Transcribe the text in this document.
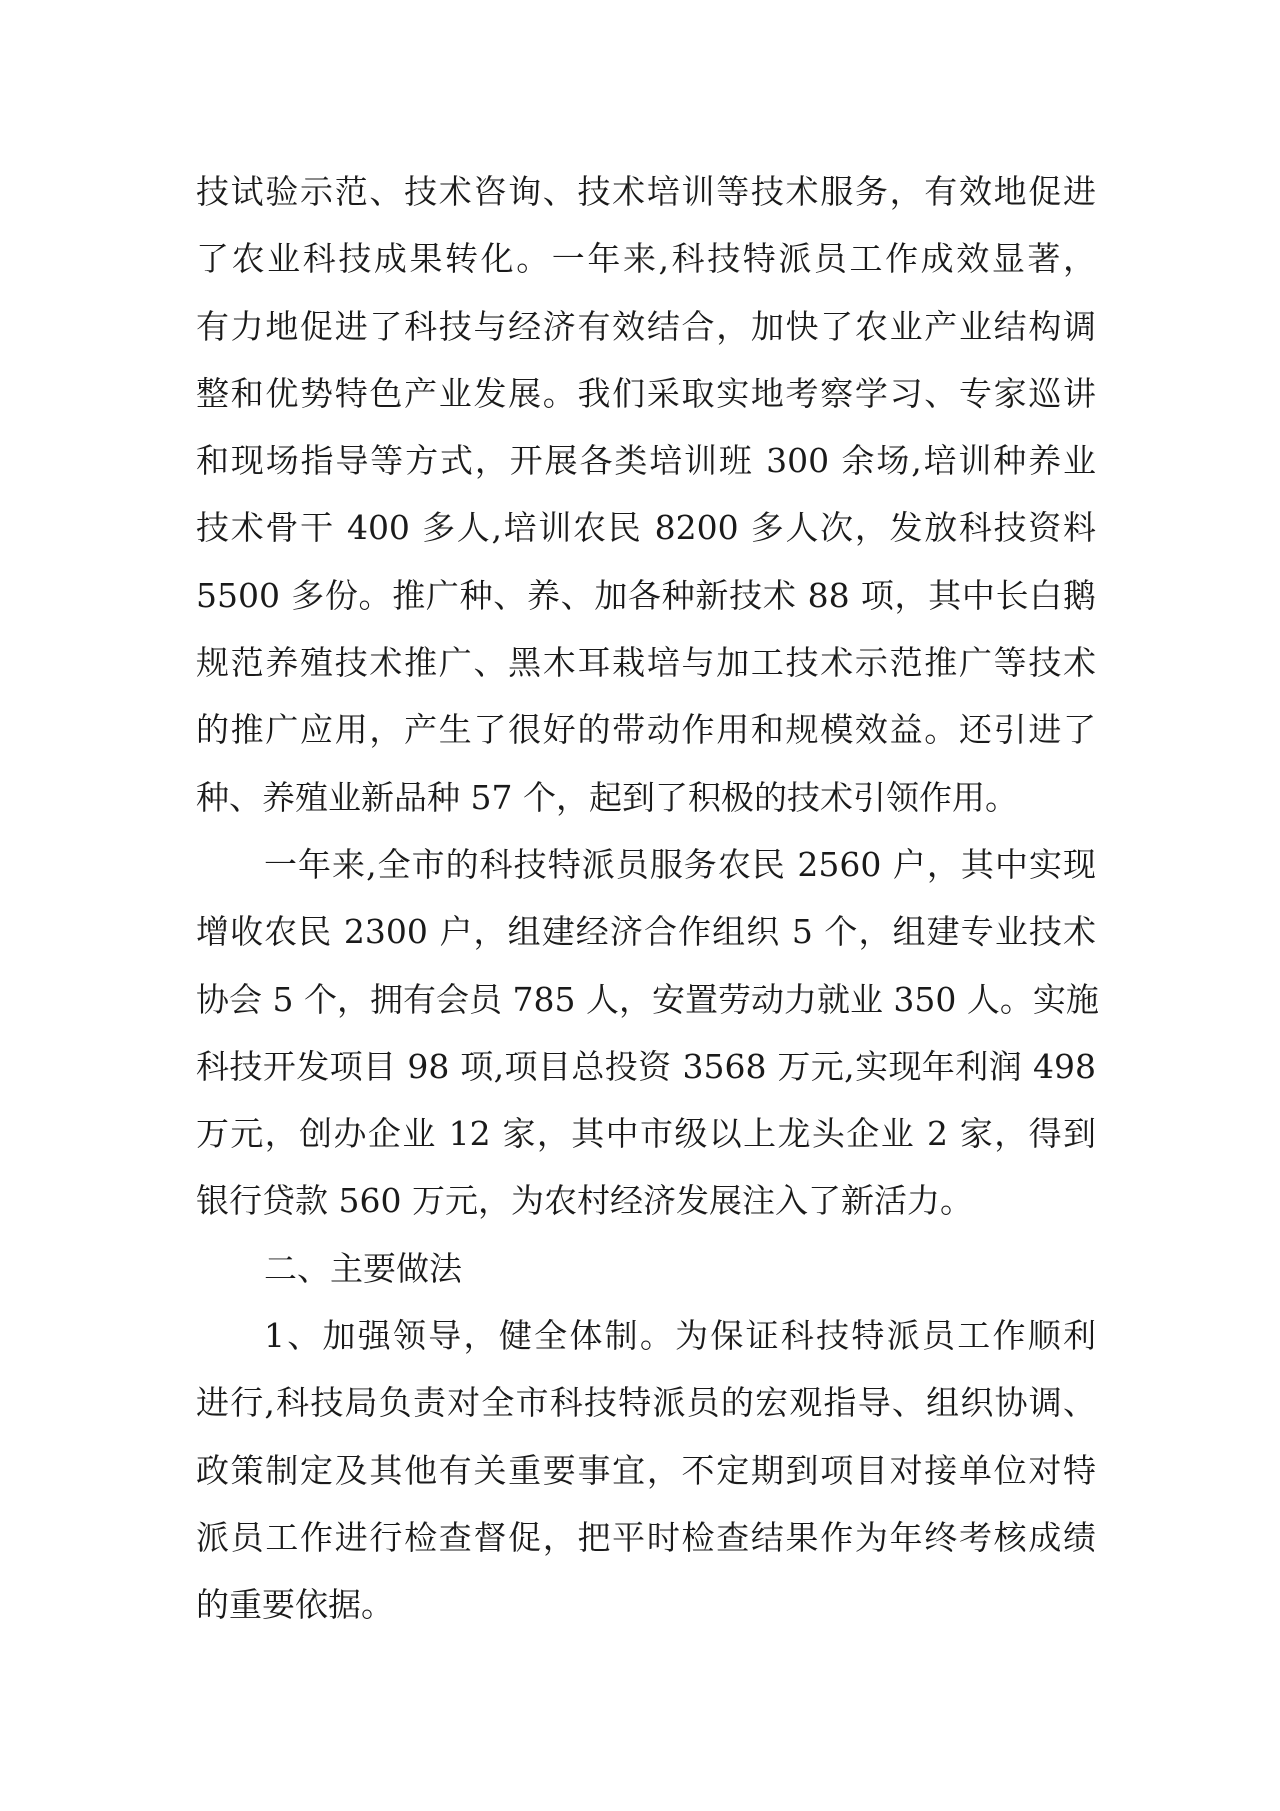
技试验示范、技术咨询、技术培训等技术服务，有效地促进
了农业科技成果转化。一年来,科技特派员工作成效显著，
有力地促进了科技与经济有效结合，加快了农业产业结构调
整和优势特色产业发展。我们采取实地考察学习、专家巡讲
和现场指导等方式，开展各类培训班 300 余场,培训种养业
技术骨干 400 多人,培训农民 8200 多人次，发放科技资料
5500 多份。推广种、养、加各种新技术 88 项，其中长白鹅
规范养殖技术推广、黑木耳栽培与加工技术示范推广等技术
的推广应用，产生了很好的带动作用和规模效益。还引进了
种、养殖业新品种 57 个，起到了积极的技术引领作用。
一年来,全市的科技特派员服务农民 2560 户，其中实现
增收农民 2300 户，组建经济合作组织 5 个，组建专业技术
协会 5 个，拥有会员 785 人，安置劳动力就业 350 人。实施
科技开发项目 98 项,项目总投资 3568 万元,实现年利润 498
万元，创办企业 12 家，其中市级以上龙头企业 2 家，得到
银行贷款 560 万元，为农村经济发展注入了新活力。
二、主要做法
1、加强领导，健全体制。为保证科技特派员工作顺利
进行,科技局负责对全市科技特派员的宏观指导、组织协调、
政策制定及其他有关重要事宜，不定期到项目对接单位对特
派员工作进行检查督促，把平时检查结果作为年终考核成绩
的重要依据。
